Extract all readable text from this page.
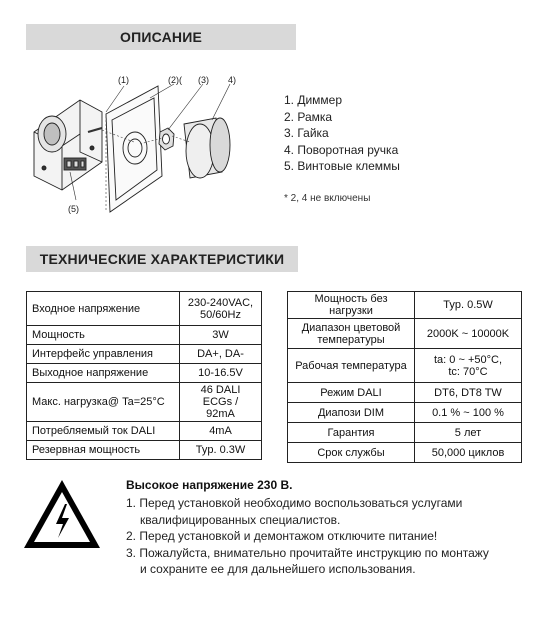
ОПИСАНИЕ
(1)	(2)( (3) 4)
(5)
1. Диммер
2. Рамка
3. Гайка
4. Поворотная ручка
5. Винтовые клеммы
* 2, 4 не включены
ТЕХНИЧЕСКИЕ ХАРАКТЕРИСТИКИ
Входное напряжение	230-240VAC,
50/60Hz
Мощность	3W
Интерфейс управления	DA+, DA-
Выходное напряжение	10-16.5V
Макс. нагрузка@ Ta=25°C	46 DALI ECGs /
92mA
Потребляемый ток DALI	4mA
Резервная мощность	Typ. 0.3W
Мощность без нагрузки	Typ. 0.5W
Диапазон цветовой
температуры	2000K ~ 10000K
Рабочая температура	ta: 0 ~ +50°C,
tc: 70°C
Режим DALI	DT6, DT8 TW
Диапози DIM	0.1 % ~ 100 %
Гарантия	5 лет
Срок службы	50,000 циклов
Высокое напряжение 230 В.
1. Перед установкой необходимо воспользоваться услугами
квалифицированных специалистов.
2. Перед установкой и демонтажом отключите питание!
3. Пожалуйста, внимательно прочитайте инструкцию по монтажу
и сохраните ее для дальнейшего использования.
